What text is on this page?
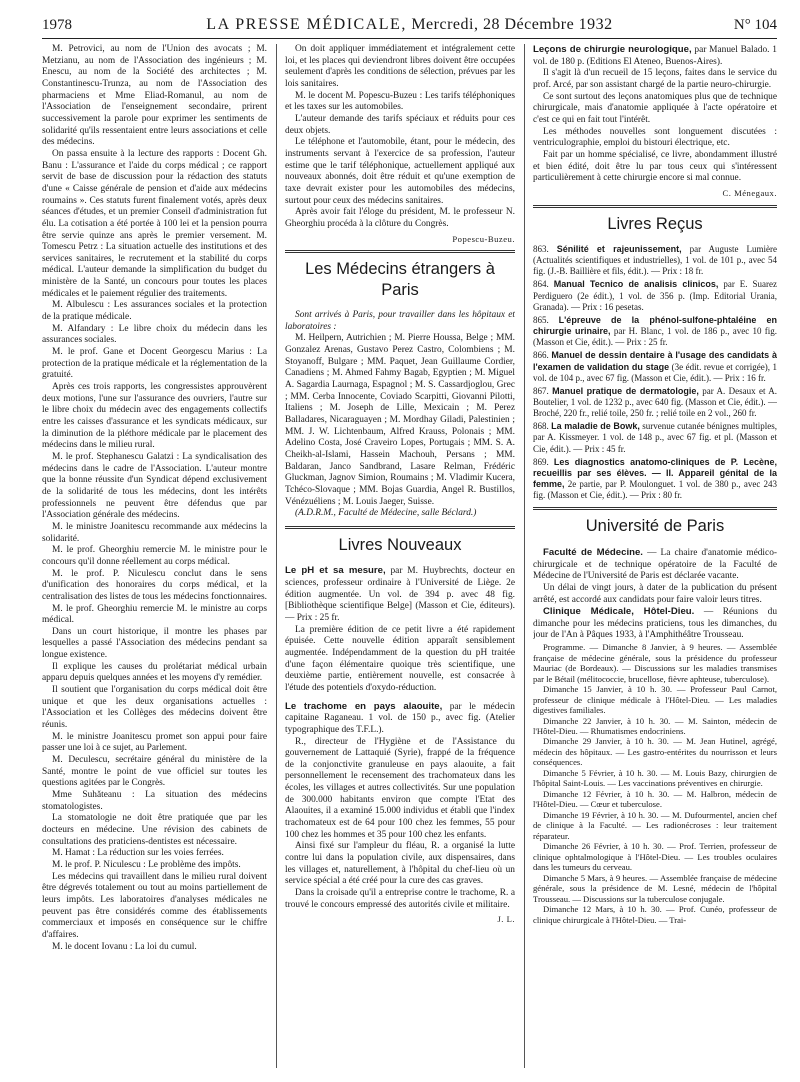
1978	LA PRESSE MÉDICALE, Mercredi, 28 Décembre 1932	N° 104

M. Petrovici, au nom de l'Union des avocats ; M. Metzianu, au nom de l'Association des ingénieurs ; M. Enescu, au nom de la Société des architectes ; M. Constantinescu-Trunza, au nom de l'Association des pharmaciens et Mme Eliad-Romanul, au nom de l'Association de l'enseignement secondaire, prirent successivement la parole pour exprimer les sentiments de solidarité qu'ils ressentaient entre leurs associations et celle des médecins.

On passa ensuite à la lecture des rapports : Docent Gh. Banu : L'assurance et l'aide du corps médical ; ce rapport servit de base de discussion pour la rédaction des statuts d'une « Caisse générale de pension et d'aide aux médecins roumains ». Ces statuts furent finalement votés, après deux séances d'études, et un premier Conseil d'administration fut élu. La cotisation a été portée à 100 lei et la pension pourra être servie quinze ans après le premier versement. M. Tomescu Petrz : La situation actuelle des institutions et des services sanitaires, le recrutement et la stabilité du corps médical. L'auteur demande la simplification du budget du ministère de la Santé, un concours pour toutes les places médicales et le paiement régulier des traitements.

M. Albulescu : Les assurances sociales et la protection de la pratique médicale.

M. Alfandary : Le libre choix du médecin dans les assurances sociales.

M. le prof. Gane et Docent Georgescu Marius : La protection de la pratique médicale et la réglementation de la gratuité.

Après ces trois rapports, les congressistes approuvèrent deux motions, l'une sur l'assurance des ouvriers, l'autre sur le libre choix du médecin avec des engagements collectifs entre les caisses d'assurance et les syndicats médicaux, sur la diminution de la pléthore médicale par le placement des médecins dans le milieu rural.

M. le prof. Stephanescu Galatzi : La syndicalisation des médecins dans le cadre de l'Association. L'auteur montre que la bonne réussite d'un Syndicat dépend exclusivement de la solidarité de tous les médecins, dont les intérêts professionnels ne peuvent être défendus que par l'Association générale des médecins.

M. le ministre Joanitescu recommande aux médecins la solidarité.

M. le prof. Gheorghiu remercie M. le ministre pour le concours qu'il donne réellement au corps médical.

M. le prof. P. Niculescu conclut dans le sens d'unification des honoraires du corps médical, et la centralisation des listes de tous les médecins fonctionnaires.

M. le prof. Gheorghiu remercie M. le ministre au corps médical.

Dans un court historique, il montre les phases par lesquelles a passé l'Association des médecins pendant sa longue existence.

Il explique les causes du prolétariat médical urbain apparu depuis quelques années et les moyens d'y remédier.

Il soutient que l'organisation du corps médical doit être unique et que les deux organisations actuelles : l'Association et les Collèges des médecins doivent être réunis.

M. le ministre Joanitescu promet son appui pour faire passer une loi à ce sujet, au Parlement.

M. Deculescu, secrétaire général du ministère de la Santé, montre le point de vue officiel sur toutes les questions agitées par le Congrès.

Mme Suhăteanu : La situation des médecins stomatologistes.

La stomatologie ne doit être pratiquée que par les docteurs en médecine. Une révision des cabinets de consultations des praticiens-dentistes est nécessaire.

M. Hamat : La réduction sur les voies ferrées.

M. le prof. P. Niculescu : Le problème des impôts.

Les médecins qui travaillent dans le milieu rural doivent être dégrevés totalement ou tout au moins partiellement de leurs impôts. Les laboratoires d'analyses médicales ne peuvent pas être considérés comme des établissements commerciaux et imposés en conséquence sur le chiffre d'affaires.

M. le docent Iovanu : La loi du cumul.

On doit appliquer immédiatement et intégralement cette loi, et les places qui deviendront libres doivent être occupées seulement d'après les conditions de sélection, prévues par les lois sanitaires.

M. le docent M. Popescu-Buzeu : Les tarifs téléphoniques et les taxes sur les automobiles.

L'auteur demande des tarifs spéciaux et réduits pour ces deux objets.

Le téléphone et l'automobile, étant, pour le médecin, des instruments servant à l'exercice de sa profession, l'auteur estime que le tarif téléphonique, actuellement appliqué aux nouveaux abonnés, doit être réduit et qu'une exemption de taxe devrait exister pour les automobiles des médecins, surtout pour ceux des médecins sanitaires.

Après avoir fait l'éloge du président, M. le professeur N. Gheorghiu procéda à la clôture du Congrès.

Popescu-Buzeu.
Les Médecins étrangers à Paris

Sont arrivés à Paris, pour travailler dans les hôpitaux et laboratoires :

M. Heilpern, Autrichien ; M. Pierre Houssa, Belge ; MM. Gonzalez Arenas, Gustavo Perez Castro, Colombiens ; M. Stoyanoff, Bulgare ; MM. Paquet, Jean Guillaume Cordier, Canadiens ; M. Ahmed Fahmy Bagab, Egyptien ; M. Miguel A. Sagardia Laurnaga, Espagnol ; M. S. Cassardjoglou, Grec ; MM. Cerba Innocente, Coviado Scarpitti, Giovanni Pilotti, Italiens ; M. Joseph de Lille, Mexicain ; M. Perez Balladares, Nicaraguayen ; M. Mordhay Giladi, Palestinien ; MM. J. W. Lichtenbaum, Alfred Krauss, Polonais ; MM. Adelino Costa, José Craveiro Lopes, Portugais ; MM. S. A. Cheikh-al-Islami, Hassein Machouh, Persans ; MM. Baldaran, Janco Sandbrand, Lasare Relman, Frédéric Gluckman, Jagnov Simion, Roumains ; M. Vladimir Kucera, Tchéco-Slovaque ; MM. Bojas Guardia, Angel R. Bustillos, Vénézuéliens ; M. Louis Jaeger, Suisse.

(A.D.R.M., Faculté de Médecine, salle Béclard.)

Livres Nouveaux

Le pH et sa mesure, par M. Huybrechts, docteur en sciences, professeur ordinaire à l'Université de Liège. 2e édition augmentée. Un vol. de 394 p. avec 48 fig. [Bibliothèque scientifique Belge] (Masson et Cie, éditeurs). — Prix : 25 fr.

La première édition de ce petit livre a été rapidement épuisée. Cette nouvelle édition apparaît sensiblement augmentée. Indépendamment de la question du pH traitée d'une façon élémentaire quoique très scientifique, une deuxième partie, entièrement nouvelle, est consacrée à l'étude des potentiels d'oxydo-réduction.

Le trachome en pays alaouite, par le médecin capitaine Raganeau. 1 vol. de 150 p., avec fig. (Atelier typographique des T.F.L.).

R., directeur de l'Hygiène et de l'Assistance du gouvernement de Lattaquié (Syrie), frappé de la fréquence de la conjonctivite granuleuse en pays alaouite, a fait personnellement le recensement des trachomateux dans les écoles, les villages et autres collectivités. Sur une population de 300.000 habitants environ que compte l'Etat des Alaouites, il a examiné 15.000 individus et établi que l'index trachomateux est de 64 pour 100 chez les femmes, 55 pour 100 chez les hommes et 35 pour 100 chez les enfants.

Ainsi fixé sur l'ampleur du fléau, R. a organisé la lutte contre lui dans la population civile, aux dispensaires, dans les villages et, naturellement, à l'hôpital du chef-lieu où un service spécial a été créé pour la cure des cas graves.

Dans la croisade qu'il a entreprise contre le trachome, R. a trouvé le concours empressé des autorités civile et militaire.

J. L.

Leçons de chirurgie neurologique, par Manuel Balado. 1 vol. de 180 p. (Editions El Ateneo, Buenos-Aires).

Il s'agit là d'un recueil de 15 leçons, faites dans le service du prof. Arcé, par son assistant chargé de la partie neuro-chirurgie.

Ce sont surtout des leçons anatomiques plus que de technique chirurgicale, mais d'anatomie appliquée à l'acte opératoire et c'est ce qui en fait tout l'intérêt.

Les méthodes nouvelles sont longuement discutées : ventriculographie, emploi du bistouri électrique, etc.

Fait par un homme spécialisé, ce livre, abondamment illustré et bien édité, doit être lu par tous ceux qui s'intéressent particulièrement à cette chirurgie encore si mal connue.

C. Ménegaux.
Livres Reçus

863. Sénilité et rajeunissement, par Auguste Lumière (Actualités scientifiques et industrielles), 1 vol. de 101 p., avec 54 fig. (J.-B. Baillière et fils, édit.). — Prix : 18 fr.

864. Manual Tecnico de analisis clinicos, par E. Suarez Perdiguero (2e édit.), 1 vol. de 356 p. (Imp. Editorial Urania, Granada). — Prix : 16 pesetas.

865. L'épreuve de la phénol-sulfone-phtaléine en chirurgie urinaire, par H. Blanc, 1 vol. de 186 p., avec 10 fig. (Masson et Cie, édit.). — Prix : 25 fr.

866. Manuel de dessin dentaire à l'usage des candidats à l'examen de validation du stage (3e édit. revue et corrigée), 1 vol. de 104 p., avec 67 fig. (Masson et Cie, édit.). — Prix : 16 fr.

867. Manuel pratique de dermatologie, par A. Desaux et A. Boutelier, 1 vol. de 1232 p., avec 640 fig. (Masson et Cie, édit.). — Broché, 220 fr., relié toile, 250 fr. ; relié toile en 2 vol., 260 fr.

868. La maladie de Bowk, survenue cutanée bénignes multiples, par A. Kissmeyer. 1 vol. de 148 p., avec 67 fig. et pl. (Masson et Cie, édit.). — Prix : 45 fr.

869. Les diagnostics anatomo-cliniques de P. Lecène, recueillis par ses élèves. — II. Appareil génital de la femme, 2e partie, par P. Moulonguet. 1 vol. de 380 p., avec 243 fig. (Masson et Cie, édit.). — Prix : 80 fr.

Université de Paris

Faculté de Médecine. — La chaire d'anatomie médico-chirurgicale et de technique opératoire de la Faculté de Médecine de l'Université de Paris est déclarée vacante.

Un délai de vingt jours, à dater de la publication du présent arrêté, est accordé aux candidats pour faire valoir leurs titres.

Clinique Médicale, Hôtel-Dieu. — Réunions du dimanche pour les médecins praticiens, tous les dimanches, du jour de l'An à Pâques 1933, à l'Amphithéâtre Trousseau.

Programme. — Dimanche 8 Janvier, à 9 heures. — Assemblée française de médecine générale, sous la présidence du professeur Mauriac (de Bordeaux). — Discussions sur les maladies transmises par le Bétail (mélitococcie, brucellose, fièvre aphteuse, tuberculose).

Dimanche 15 Janvier, à 10 h. 30. — Professeur Paul Carnot, professeur de clinique médicale à l'Hôtel-Dieu. — Les maladies digestives familiales.

Dimanche 22 Janvier, à 10 h. 30. — M. Sainton, médecin de l'Hôtel-Dieu. — Rhumatismes endocriniens.

Dimanche 29 Janvier, à 10 h. 30. — M. Jean Hutinel, agrégé, médecin des hôpitaux. — Les gastro-entérites du nourrisson et leurs conséquences.

Dimanche 5 Février, à 10 h. 30. — M. Louis Bazy, chirurgien de l'hôpital Saint-Louis. — Les vaccinations préventives en chirurgie.

Dimanche 12 Février, à 10 h. 30. — M. Halbron, médecin de l'Hôtel-Dieu. — Cœur et tuberculose.

Dimanche 19 Février, à 10 h. 30. — M. Dufourmentel, ancien chef de clinique à la Faculté. — Les radionécroses : leur traitement réparateur.

Dimanche 26 Février, à 10 h. 30. — Prof. Terrien, professeur de clinique ophtalmologique à l'Hôtel-Dieu. — Les troubles oculaires dans les tumeurs du cerveau.

Dimanche 5 Mars, à 9 heures. — Assemblée française de médecine générale, sous la présidence de M. Lesné, médecin de l'hôpital Trousseau. — Discussions sur la tuberculose conjugale.

Dimanche 12 Mars, à 10 h. 30. — Prof. Cunéo, professeur de clinique chirurgicale à l'Hôtel-Dieu. — Trai-
